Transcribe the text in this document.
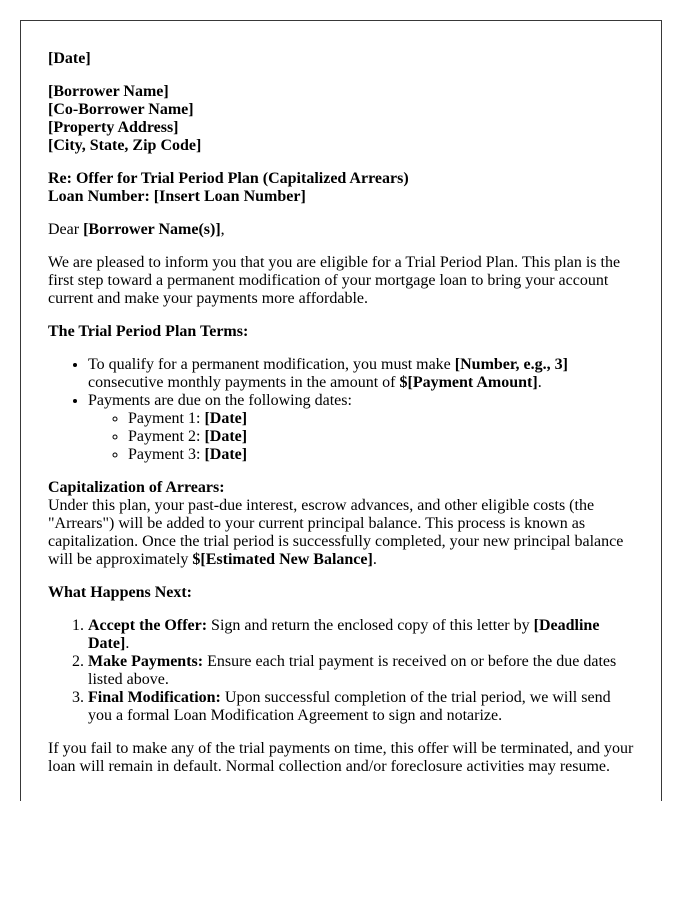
[Date]

[Borrower Name]
[Co-Borrower Name]
[Property Address]
[City, State, Zip Code]

Re: Offer for Trial Period Plan (Capitalized Arrears)
Loan Number: [Insert Loan Number]

Dear [Borrower Name(s)],

We are pleased to inform you that you are eligible for a Trial Period Plan. This plan is the first step toward a permanent modification of your mortgage loan to bring your account current and make your payments more affordable.

The Trial Period Plan Terms:

• To qualify for a permanent modification, you must make [Number, e.g., 3] consecutive monthly payments in the amount of $[Payment Amount].
• Payments are due on the following dates:
◦ Payment 1: [Date]
◦ Payment 2: [Date]
◦ Payment 3: [Date]

Capitalization of Arrears:
Under this plan, your past-due interest, escrow advances, and other eligible costs (the "Arrears") will be added to your current principal balance. This process is known as capitalization. Once the trial period is successfully completed, your new principal balance will be approximately $[Estimated New Balance].

What Happens Next:

1. Accept the Offer: Sign and return the enclosed copy of this letter by [Deadline Date].
2. Make Payments: Ensure each trial payment is received on or before the due dates listed above.
3. Final Modification: Upon successful completion of the trial period, we will send you a formal Loan Modification Agreement to sign and notarize.

If you fail to make any of the trial payments on time, this offer will be terminated, and your loan will remain in default. Normal collection and/or foreclosure activities may resume.
